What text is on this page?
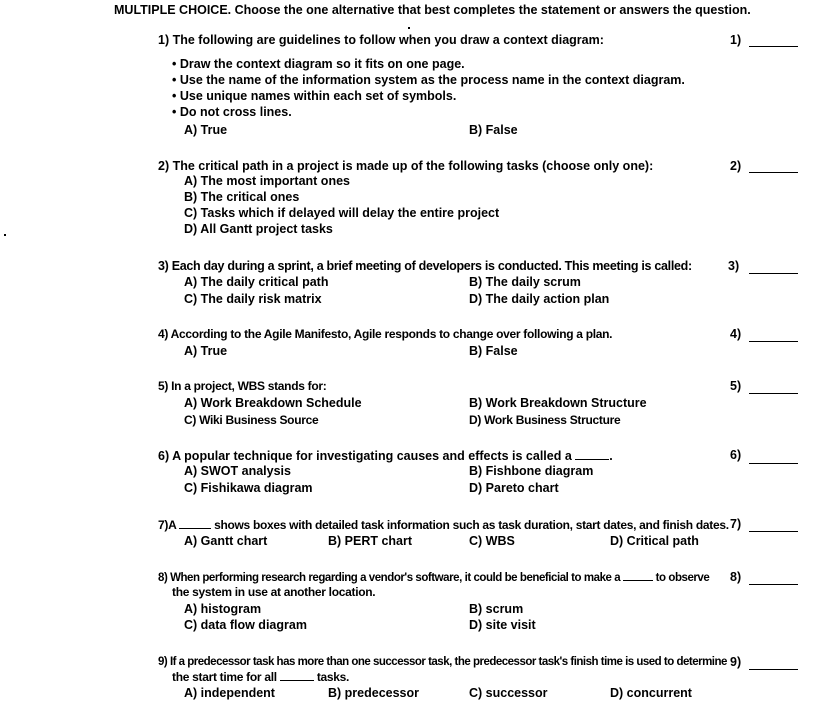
MULTIPLE CHOICE. Choose the one alternative that best completes the statement or answers the question.
1) The following are guidelines to follow when you draw a context diagram:
• Draw the context diagram so it fits on one page.
• Use the name of the information system as the process name in the context diagram.
• Use unique names within each set of symbols.
• Do not cross lines.
A) True	B) False
1)
2) The critical path in a project is made up of the following tasks (choose only one):
A) The most important ones
B) The critical ones
C) Tasks which if delayed will delay the entire project
D) All Gantt project tasks
2)
3) Each day during a sprint, a brief meeting of developers is conducted. This meeting is called:
A) The daily critical path	B) The daily scrum
C) The daily risk matrix	D) The daily action plan
3)
4) According to the Agile Manifesto, Agile responds to change over following a plan.
A) True	B) False
4)
5) In a project, WBS stands for:
A) Work Breakdown Schedule	B) Work Breakdown Structure
C) Wiki Business Source	D) Work Business Structure
5)
6) A popular technique for investigating causes and effects is called a	.
A) SWOT analysis	B) Fishbone diagram
C) Fishikawa diagram	D) Pareto chart
6)
7)A	shows boxes with detailed task information such as task duration, start dates, and finish dates.
A) Gantt chart	B) PERT chart	C) WBS	D) Critical path
7)
8) When performing research regarding a vendor's software, it could be beneficial to make a	to observe
the system in use at another location.
A) histogram	B) scrum
C) data flow diagram	D) site visit
8)
9) If a predecessor task has more than one successor task, the predecessor task's finish time is used to determine
the start time for all	tasks.
A) independent	B) predecessor	C) successor	D) concurrent
9)
